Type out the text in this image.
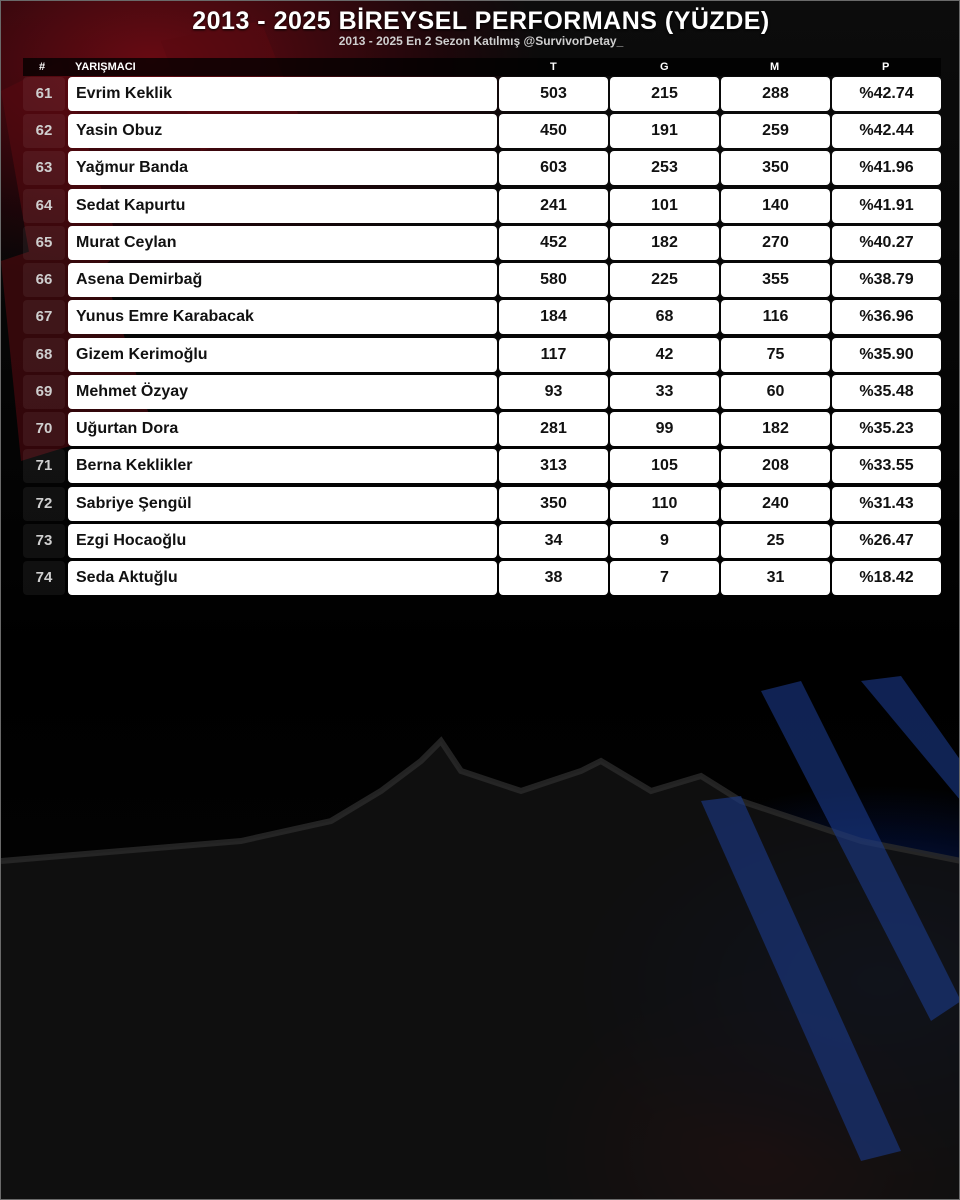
2013 - 2025 BİREYSEL PERFORMANS (YÜZDE)
2013 - 2025 En 2 Sezon Katılmış @SurvivorDetay_
#	YARIŞMACI	T	G	M	P
61	Evrim Keklik	503	215	288	%42.74
62	Yasin Obuz	450	191	259	%42.44
63	Yağmur Banda	603	253	350	%41.96
64	Sedat Kapurtu	241	101	140	%41.91
65	Murat Ceylan	452	182	270	%40.27
66	Asena Demirbağ	580	225	355	%38.79
67	Yunus Emre Karabacak	184	68	116	%36.96
68	Gizem Kerimoğlu	117	42	75	%35.90
69	Mehmet Özyay	93	33	60	%35.48
70	Uğurtan Dora	281	99	182	%35.23
71	Berna Keklikler	313	105	208	%33.55
72	Sabriye Şengül	350	110	240	%31.43
73	Ezgi Hocaoğlu	34	9	25	%26.47
74	Seda Aktuğlu	38	7	31	%18.42
